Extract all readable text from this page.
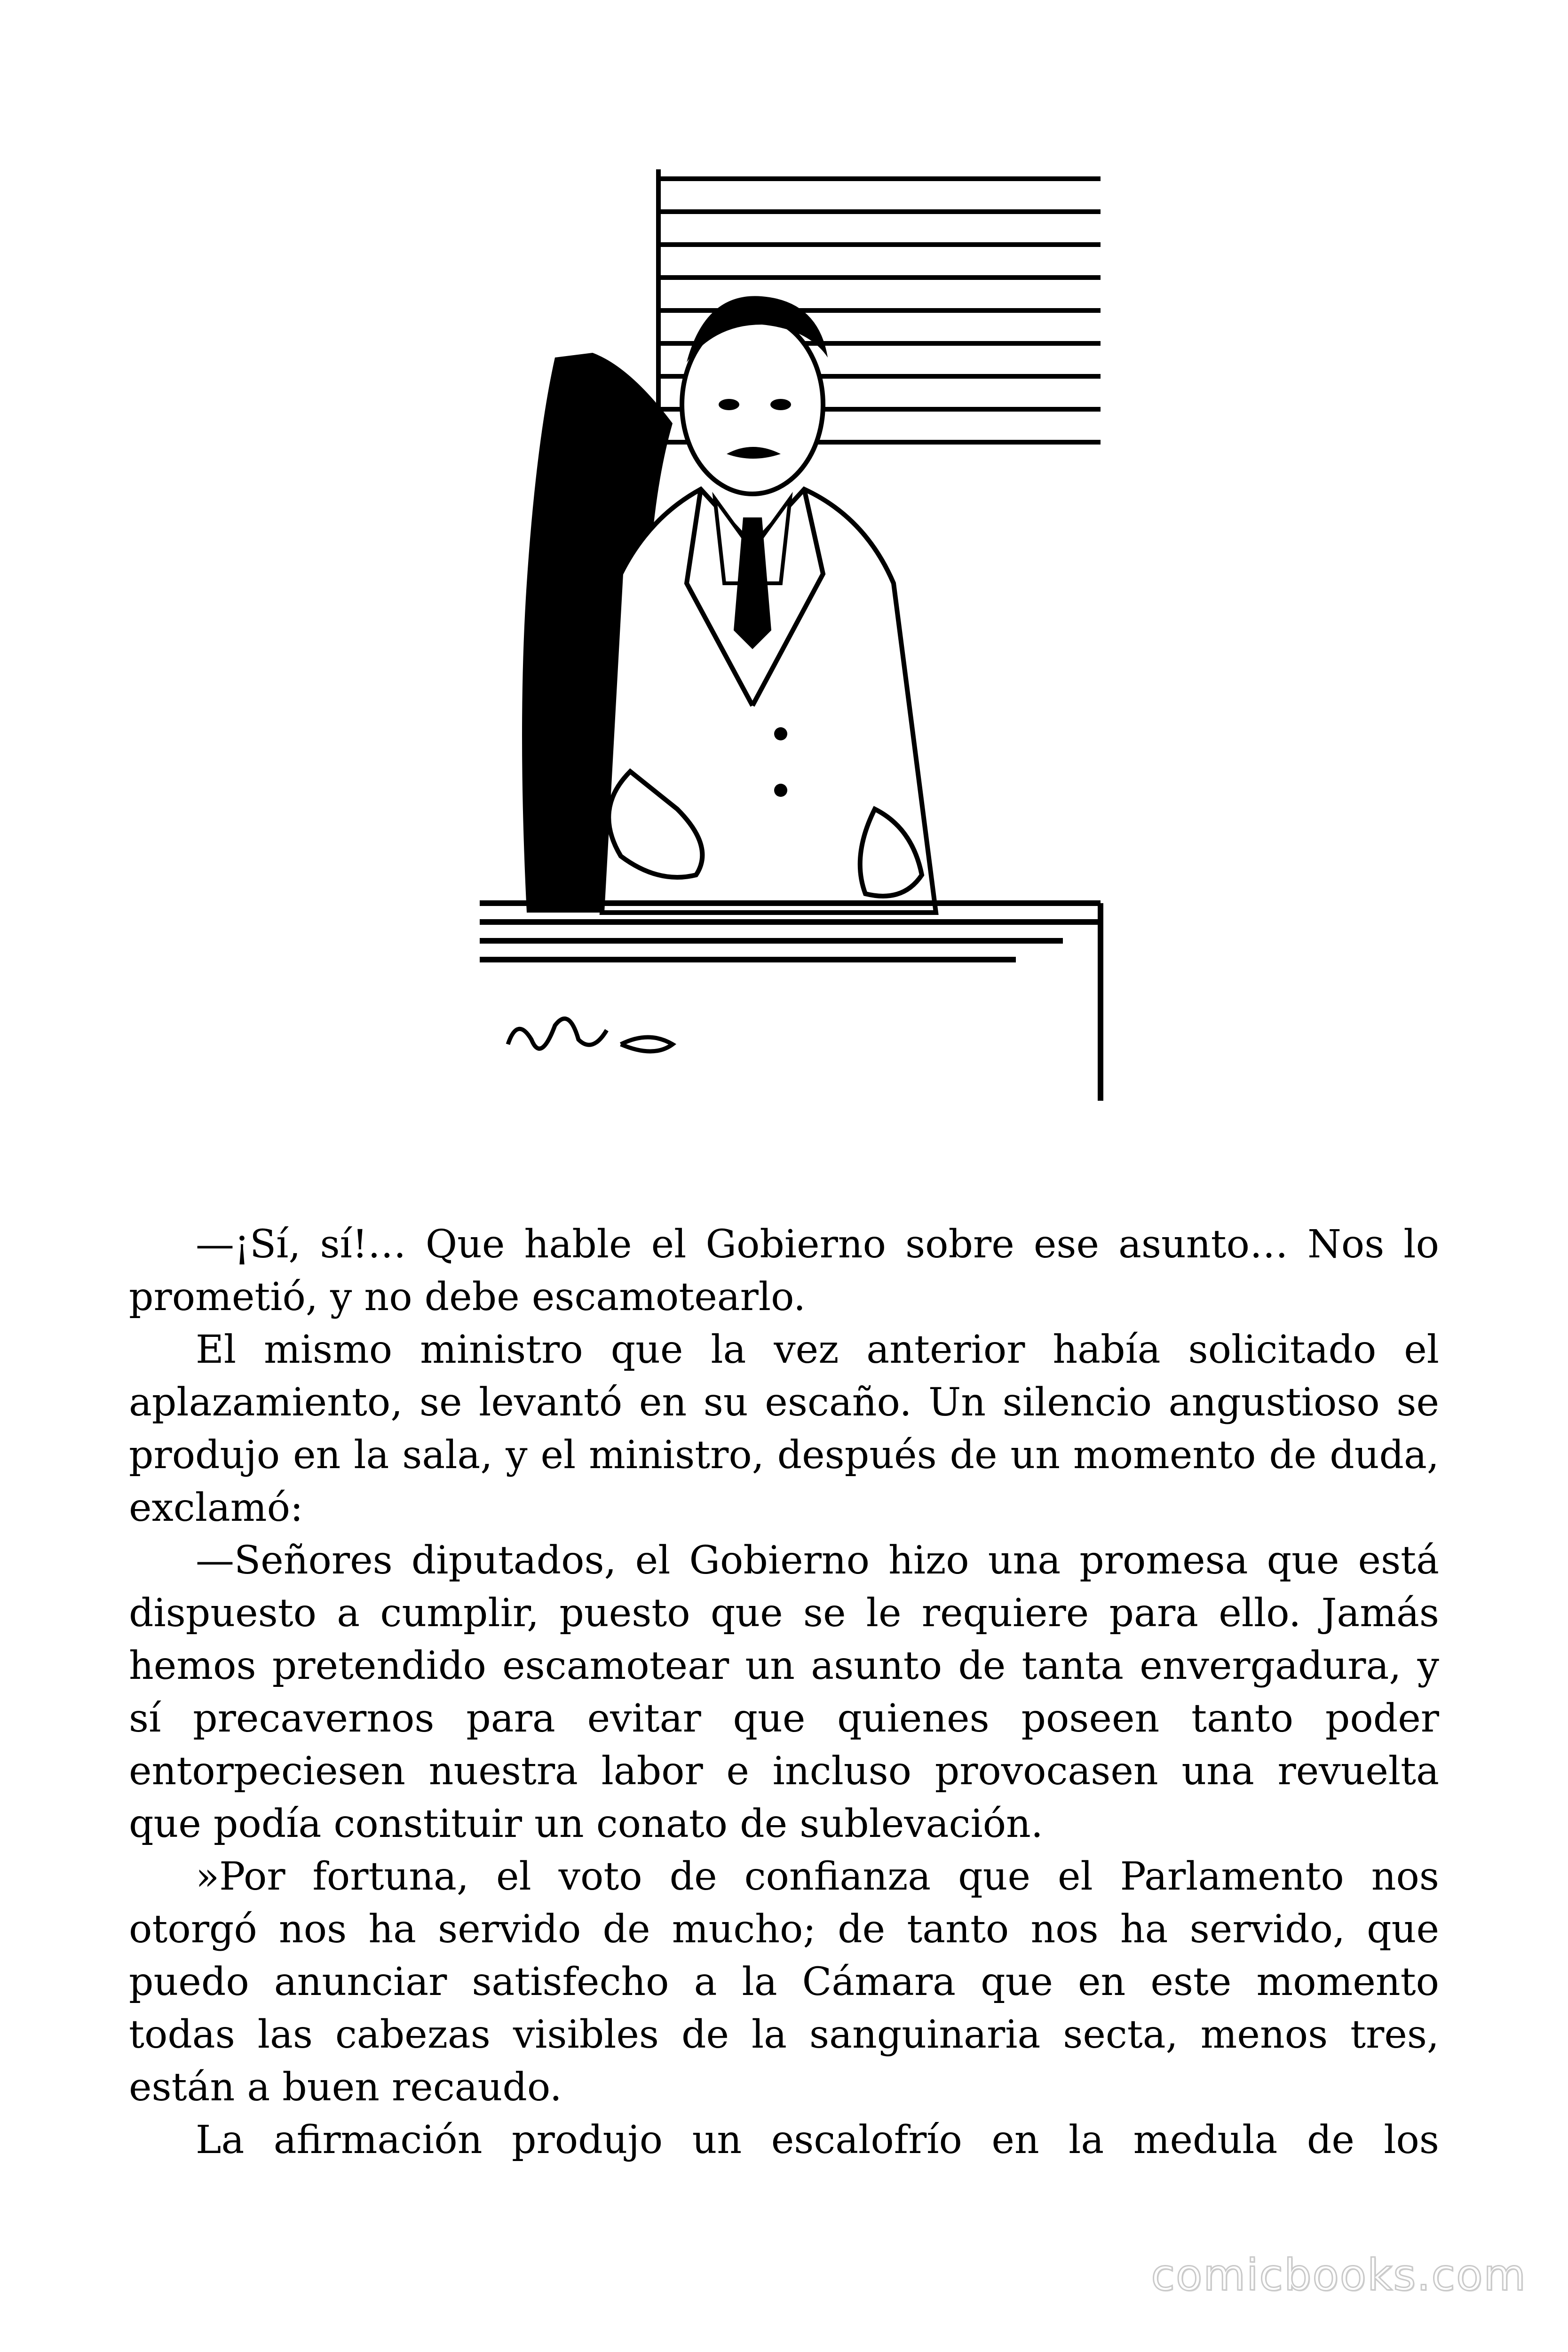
—¡Sí, sí!… Que hable el Gobierno sobre ese asunto… Nos lo prometió, y no debe escamotearlo.

El mismo ministro que la vez anterior había solicitado el aplazamiento, se levantó en su escaño. Un silencio angustioso se produjo en la sala, y el ministro, después de un momento de duda, exclamó:

—Señores diputados, el Gobierno hizo una promesa que está dispuesto a cumplir, puesto que se le requiere para ello. Jamás hemos pretendido escamotear un asunto de tanta envergadura, y sí precavernos para evitar que quienes poseen tanto poder entorpeciesen nuestra labor e incluso provocasen una revuelta que podía constituir un conato de sublevación.

»Por fortuna, el voto de confianza que el Parlamento nos otorgó nos ha servido de mucho; de tanto nos ha servido, que puedo anunciar satisfecho a la Cámara que en este momento todas las cabezas visibles de la sanguinaria secta, menos tres, están a buen recaudo.

La afirmación produjo un escalofrío en la medula de los

comicbooks.com
